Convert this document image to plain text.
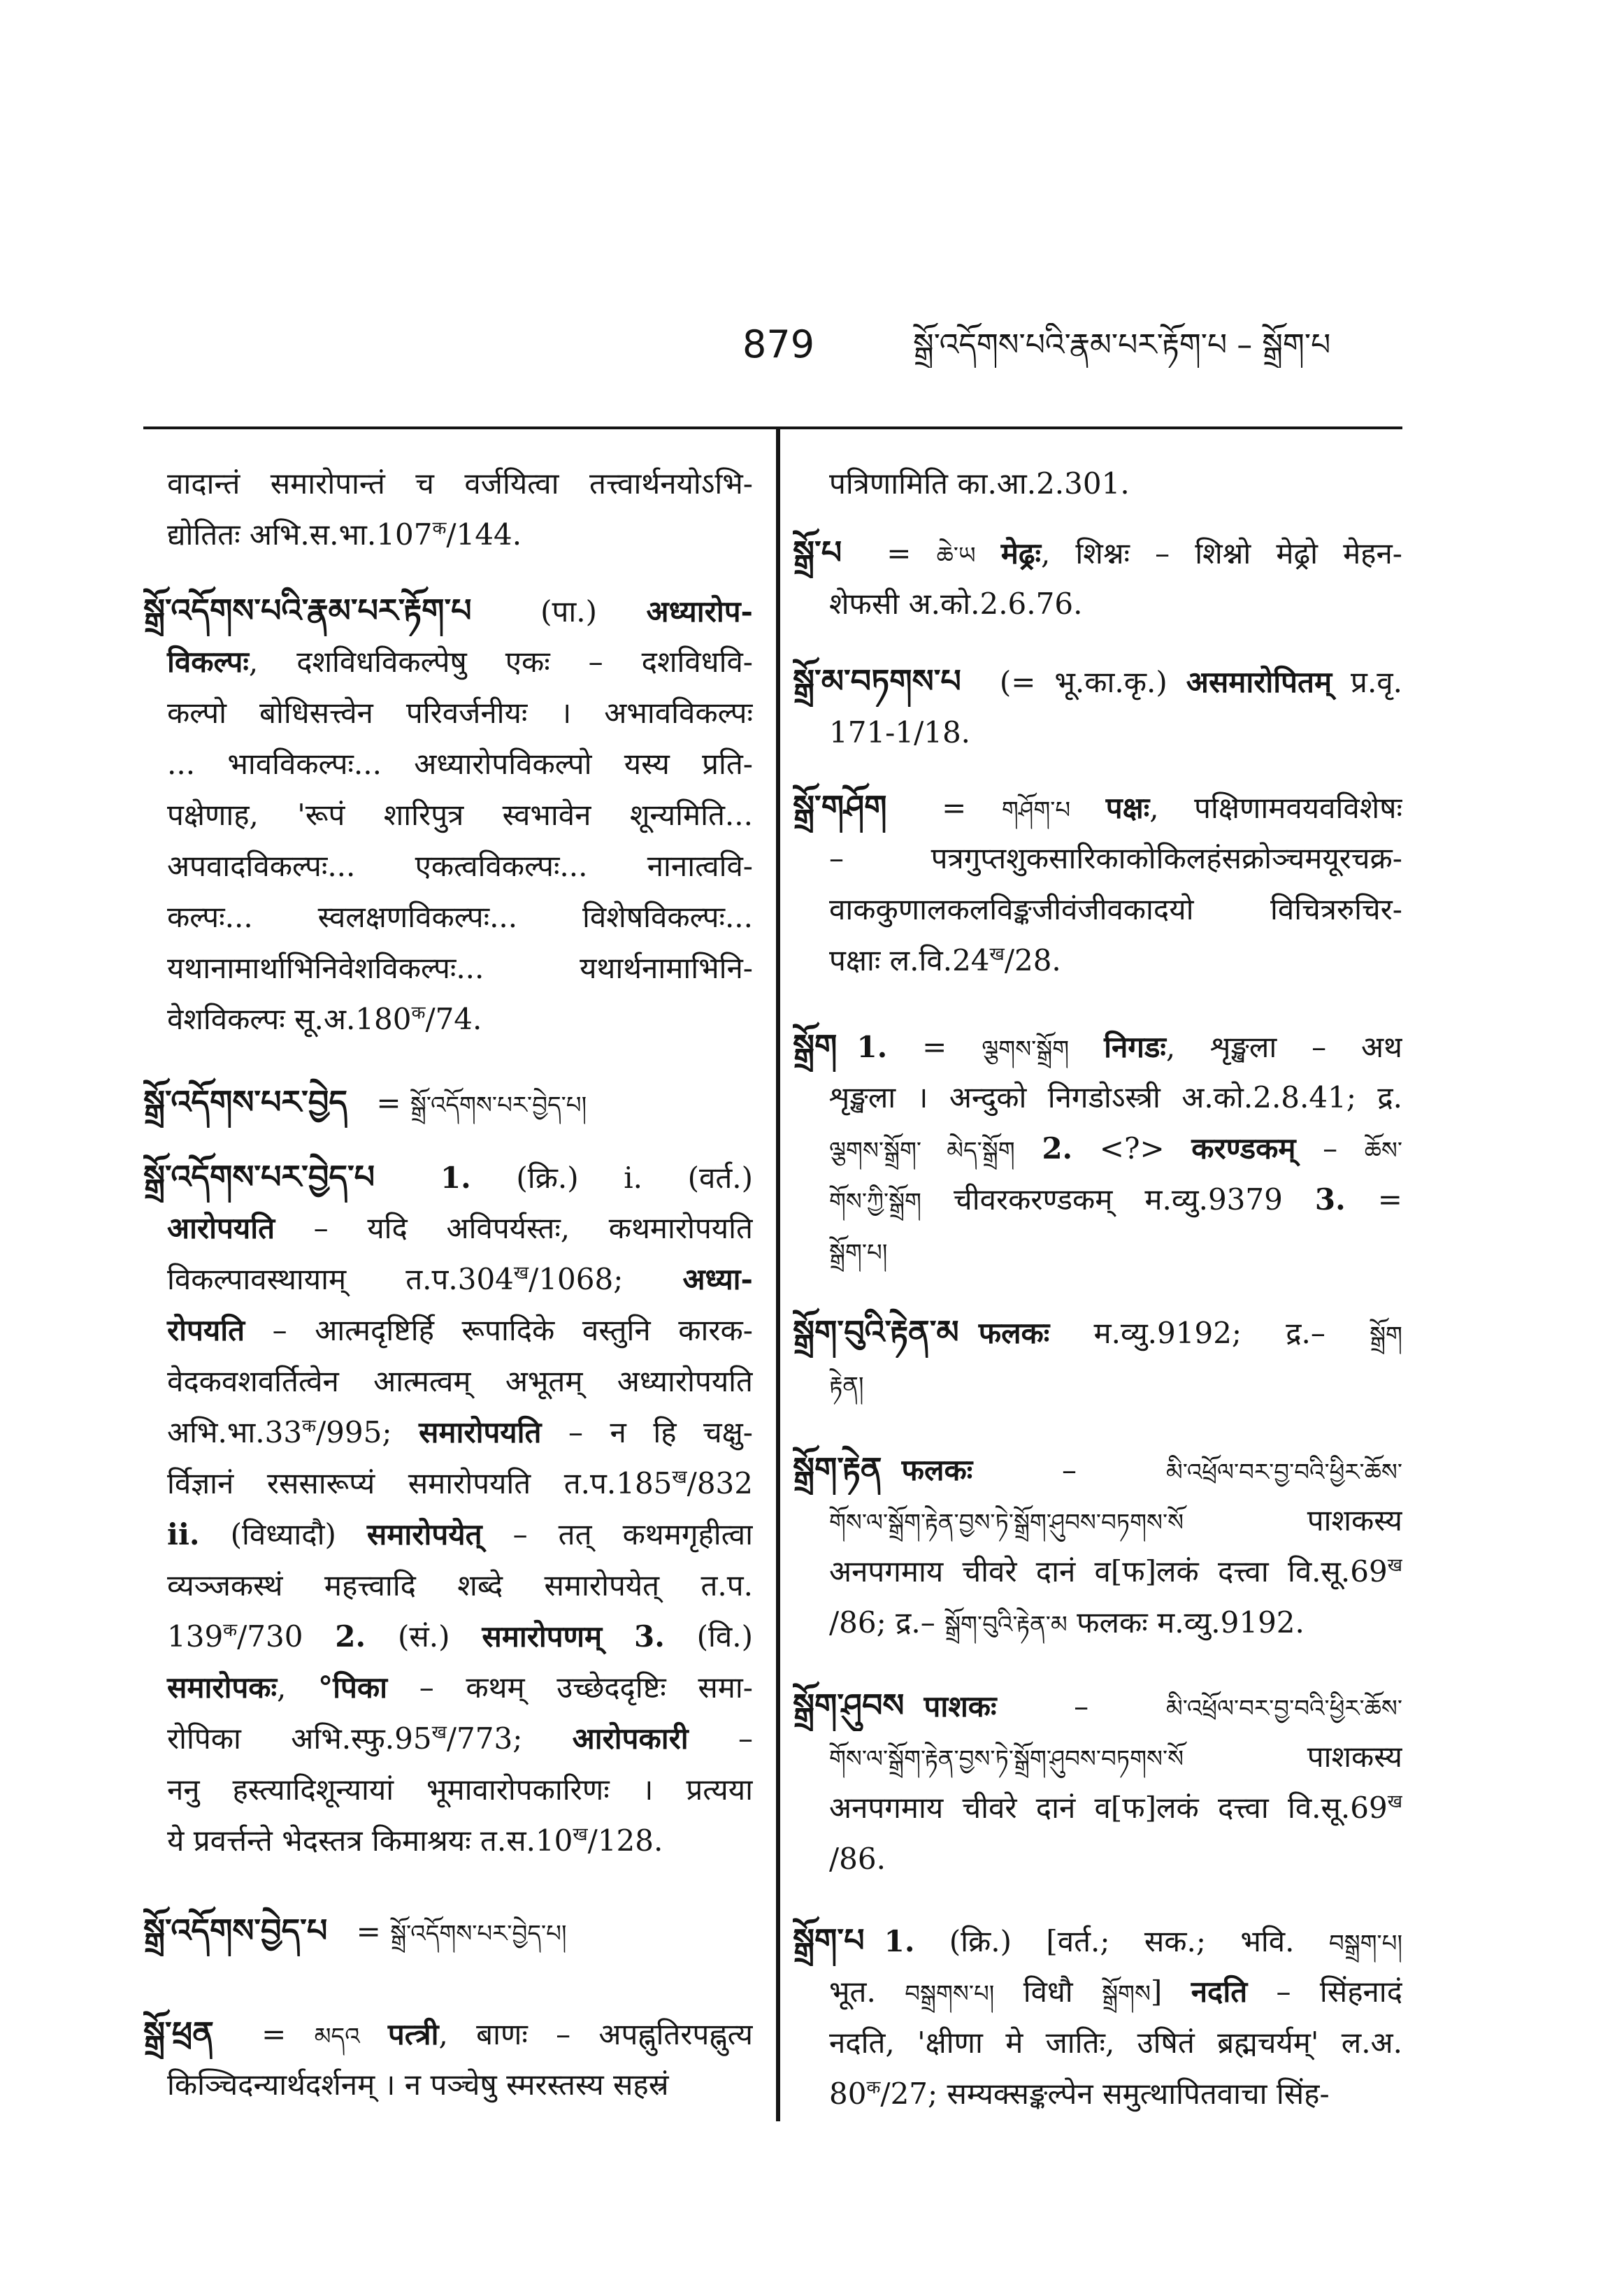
879	སྒྲོ་འདོགས་པའི་རྣམ་པར་རྟོག་པ – སྒྲོག་པ
वादान्तं समारोपान्तं च वर्जयित्वा तत्त्वार्थनयोऽभि-
द्योतितः $अभि.स.भा.107^क/144$.
སྒྲོ་འདོགས་པའི་རྣམ་པར་རྟོག་པ (पा.) अध्यारोप-
विकल्पः, दशविधविकल्पेषु एकः – दशविधवि-
कल्पो बोधिसत्त्वेन परिवर्जनीयः । अभावविकल्पः
... भावविकल्पः... अध्यारोपविकल्पो यस्य प्रति-
पक्षेणाह, 'रूपं शारिपुत्र स्वभावेन शून्यमिति...
अपवादविकल्पः... एकत्वविकल्पः... नानात्ववि-
कल्पः... स्वलक्षणविकल्पः... विशेषविकल्पः...
यथानामार्थाभिनिवेशविकल्पः... यथार्थनामाभिनि-
वेशविकल्पः $सू.अ.180^क/74$.
སྒྲོ་འདོགས་པར་བྱེད = སྒྲོ་འདོགས་པར་བྱེད་པ།
སྒྲོ་འདོགས་པར་བྱེད་པ 1. (क्रि.) i. (वर्त.)
आरोपयति – यदि अविपर्यस्तः, कथमारोपयति
विकल्पावस्थायाम् $त.प.304^ख/1068$; अध्या-
रोपयति – आत्मदृष्टिर्हि रूपादिके वस्तुनि कारक-
वेदकवशवर्तित्वेन आत्मत्वम् अभूतम् अध्यारोपयति
$अभि.भा.33^क/995$; समारोपयति – न हि चक्षु-
र्विज्ञानं रससारूप्यं समारोपयति $त.प.185^ख/832$
ii. (विध्यादौ) समारोपयेत् – तत् कथमगृहीत्वा
व्यञ्जकस्थं महत्त्वादि शब्दे समारोपयेत् त.प.
$139^क/730$ 2. (सं.) समारोपणम् 3. (वि.)
समारोपकः, °पिका – कथम् उच्छेददृष्टिः समा-
रोपिका $अभि.स्फु.95^ख/773$; आरोपकारी –
ननु हस्त्यादिशून्यायां भूमावारोपकारिणः । प्रत्यया
ये प्रवर्त्तन्ते भेदस्तत्र किमाश्रयः $त.स.10^ख/128$.
སྒྲོ་འདོགས་བྱེད་པ = སྒྲོ་འདོགས་པར་བྱེད་པ།
སྒྲོ་ཕྲན = མདའ पत्त्री, बाणः – अपह्नुतिरपह्नुत्य
किञ्चिदन्यार्थदर्शनम् । न पञ्चेषु स्मरस्तस्य सहस्रं
पत्रिणामिति का.आ.2.301.
སྒྲོ་པ = ཆེ་ཡ मेढ्रः, शिश्नः – शिश्नो मेढ्रो मेहन-
शेफसी अ.को.2.6.76.
སྒྲོ་མ་བཏགས་པ (= भू.का.कृ.) असमारोपितम् प्र.वृ.
171-1/18.
སྒྲོ་གཤོག = གཤོག་པ पक्षः, पक्षिणामवयवविशेषः
– पत्रगुप्तशुकसारिकाकोकिलहंसक्रोञ्चमयूरचक्र-
वाककुणालकलविङ्कजीवंजीवकादयो विचित्ररुचिर-
पक्षाः $ल.वि.24^ख/28$.
སྒྲོག 1. = ལྕགས་སྒྲོག निगडः, शृङ्खला – अथ
शृङ्खला । अन्दुको निगडोऽस्त्री अ.को.2.8.41; द्र.
ལྕགས་སྒྲོག་ མེད་སྒྲོག 2. <?> करण्डकम् – ཆོས་
གོས་ཀྱི་སྒྲོག चीवरकरण्डकम् म.व्यु.9379 3. =
སྒྲོག་པ།
སྒྲོག་བུའི་རྟེན་མ फलकः म.व्यु.9192; द्र.– སྒྲོག
རྟེན།
སྒྲོག་རྟེན फलकः – མི་འཕྲོལ་བར་བྱ་བའི་ཕྱིར་ཆོས་
གོས་ལ་སྒྲོག་རྟེན་བྱས་ཏེ་སྒྲོག་ཤུབས་བཏགས་སོ पाशकस्य
अनपगमाय चीवरे दानं व[फ]लकं दत्त्वा $वि.सू.69^ख$
/86; द्र.– སྒྲོག་བུའི་རྟེན་མ फलकः म.व्यु.9192.
སྒྲོག་ཤུབས पाशकः – མི་འཕྲོལ་བར་བྱ་བའི་ཕྱིར་ཆོས་
གོས་ལ་སྒྲོག་རྟེན་བྱས་ཏེ་སྒྲོག་ཤུབས་བཏགས་སོ पाशकस्य
अनपगमाय चीवरे दानं व[फ]लकं दत्त्वा $वि.सू.69^ख$
/86.
སྒྲོག་པ 1. (क्रि.) [वर्त.; सक.; भवि. བསྒྲག་པ།
भूत. བསྒྲགས་པ། विधौ སྒྲོགས] नदति – सिंहनादं
नदति, 'क्षीणा मे जातिः, उषितं ब्रह्मचर्यम्' ल.अ.
$80^क/27$; सम्यक्सङ्कल्पेन समुत्थापितवाचा सिंह-
